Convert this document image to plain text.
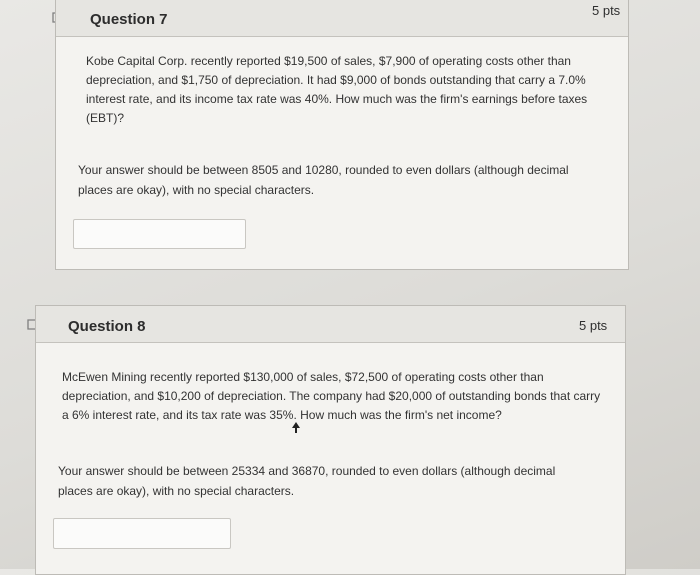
Question 7
5 pts
Kobe Capital Corp. recently reported $19,500 of sales, $7,900 of operating costs other than depreciation, and $1,750 of depreciation. It had $9,000 of bonds outstanding that carry a 7.0% interest rate, and its income tax rate was 40%. How much was the firm's earnings before taxes (EBT)?
Your answer should be between 8505 and 10280, rounded to even dollars (although decimal places are okay), with no special characters.
Question 8	5 pts
McEwen Mining recently reported $130,000 of sales, $72,500 of operating costs other than depreciation, and $10,200 of depreciation. The company had $20,000 of outstanding bonds that carry a 6% interest rate, and its tax rate was 35%. How much was the firm's net income?
Your answer should be between 25334 and 36870, rounded to even dollars (although decimal places are okay), with no special characters.
